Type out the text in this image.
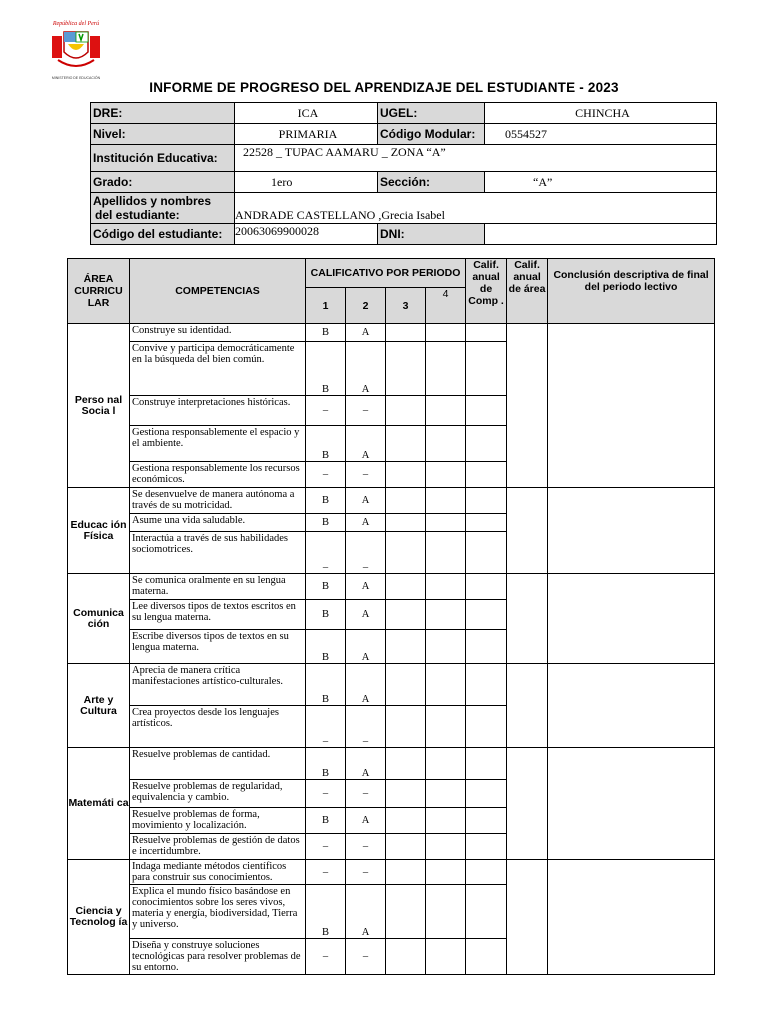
República del Perú
MINISTERIO DE EDUCACIÓN
INFORME DE PROGRESO DEL APRENDIZAJE DEL ESTUDIANTE - 2023
DRE:	ICA	UGEL:	CHINCHA
Nivel:	PRIMARIA	Código Modular:	0554527
Institución Educativa:	22528 _ TUPAC AAMARU _ ZONA “A”		
Grado:	1ero	Sección:	“A”
Apellidos y nombres
del estudiante:	ANDRADE CASTELLANO ,Grecia Isabel		
Código del estudiante:	20063069900028	DNI:	
ÁREA CURRICU LAR	COMPETENCIAS	CALIFICATIVO POR PERIODO				Calif. anual de Comp .	Calif. anual de área	Conclusión descriptiva de final del periodo lectivo
		1	2	3	4			
Perso nal Socia l	Construye su identidad.	B	A					
	Convive y participa democráticamente en la búsqueda del bien común.	B	A					
	Construye interpretaciones históricas.	–	–					
	Gestiona responsablemente el espacio y el ambiente.	B	A					
	Gestiona responsablemente los recursos económicos.	–	–					
Educac ión Física	Se desenvuelve de manera autónoma a través de su motricidad.	B	A					
	Asume una vida saludable.	B	A					
	Interactúa a través de sus habilidades sociomotrices.	–	–					
Comunica ción	Se comunica oralmente en su lengua materna.	B	A					
	Lee diversos tipos de textos escritos en su lengua materna.	B	A					
	Escribe diversos tipos de textos en su lengua materna.	B	A					
Arte y Cultura	Aprecia de manera crítica manifestaciones artístico-culturales.	B	A					
	Crea proyectos desde los lenguajes artísticos.	–	–					
Matemáti ca	Resuelve problemas de cantidad.	B	A					
	Resuelve problemas de regularidad, equivalencia y cambio.	–	–					
	Resuelve problemas de forma, movimiento y localización.	B	A					
	Resuelve problemas de gestión de datos e incertidumbre.	–	–					
Ciencia y Tecnolog ía	Indaga mediante métodos científicos para construir sus conocimientos.	–	–					
	Explica el mundo físico basándose en conocimientos sobre los seres vivos, materia y energía, biodiversidad, Tierra y universo.	B	A					
	Diseña y construye soluciones tecnológicas para resolver problemas de su entorno.	–	–					
